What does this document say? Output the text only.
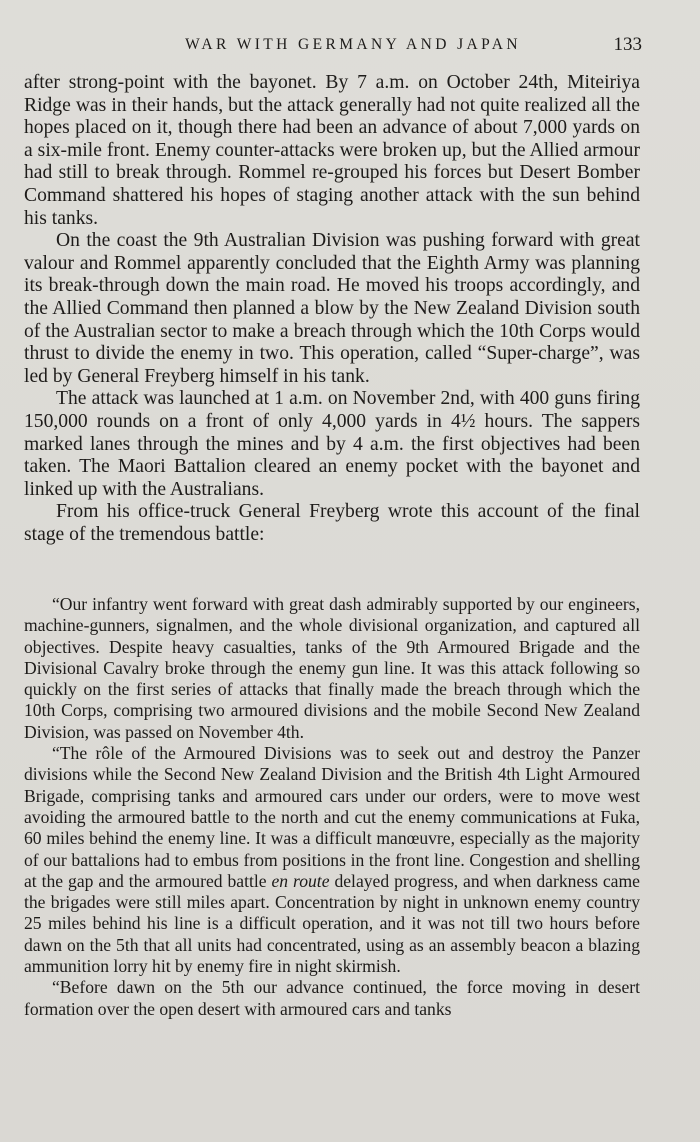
WAR WITH GERMANY AND JAPAN	133

after strong-point with the bayonet. By 7 a.m. on October 24th, Miteiriya Ridge was in their hands, but the attack generally had not quite realized all the hopes placed on it, though there had been an advance of about 7,000 yards on a six-mile front. Enemy counter-attacks were broken up, but the Allied armour had still to break through. Rommel re-grouped his forces but Desert Bomber Command shattered his hopes of staging another attack with the sun behind his tanks.

On the coast the 9th Australian Division was pushing forward with great valour and Rommel apparently concluded that the Eighth Army was planning its break-through down the main road. He moved his troops accordingly, and the Allied Command then planned a blow by the New Zealand Division south of the Australian sector to make a breach through which the 10th Corps would thrust to divide the enemy in two. This operation, called “Super-charge”, was led by General Freyberg himself in his tank.

The attack was launched at 1 a.m. on November 2nd, with 400 guns firing 150,000 rounds on a front of only 4,000 yards in 4½ hours. The sappers marked lanes through the mines and by 4 a.m. the first objectives had been taken. The Maori Battalion cleared an enemy pocket with the bayonet and linked up with the Australians.

From his office-truck General Freyberg wrote this account of the final stage of the tremendous battle:

“Our infantry went forward with great dash admirably supported by our engineers, machine-gunners, signalmen, and the whole divisional organization, and captured all objectives. Despite heavy casualties, tanks of the 9th Armoured Brigade and the Divisional Cavalry broke through the enemy gun line. It was this attack following so quickly on the first series of attacks that finally made the breach through which the 10th Corps, comprising two armoured divisions and the mobile Second New Zealand Division, was passed on November 4th.

“The rôle of the Armoured Divisions was to seek out and destroy the Panzer divisions while the Second New Zealand Division and the British 4th Light Armoured Brigade, comprising tanks and armoured cars under our orders, were to move west avoiding the armoured battle to the north and cut the enemy communications at Fuka, 60 miles behind the enemy line. It was a difficult manœuvre, especially as the majority of our battalions had to embus from positions in the front line. Congestion and shelling at the gap and the armoured battle en route delayed progress, and when darkness came the brigades were still miles apart. Concentration by night in unknown enemy country 25 miles behind his line is a difficult operation, and it was not till two hours before dawn on the 5th that all units had concentrated, using as an assembly beacon a blazing ammunition lorry hit by enemy fire in night skirmish.

“Before dawn on the 5th our advance continued, the force moving in desert formation over the open desert with armoured cars and tanks
